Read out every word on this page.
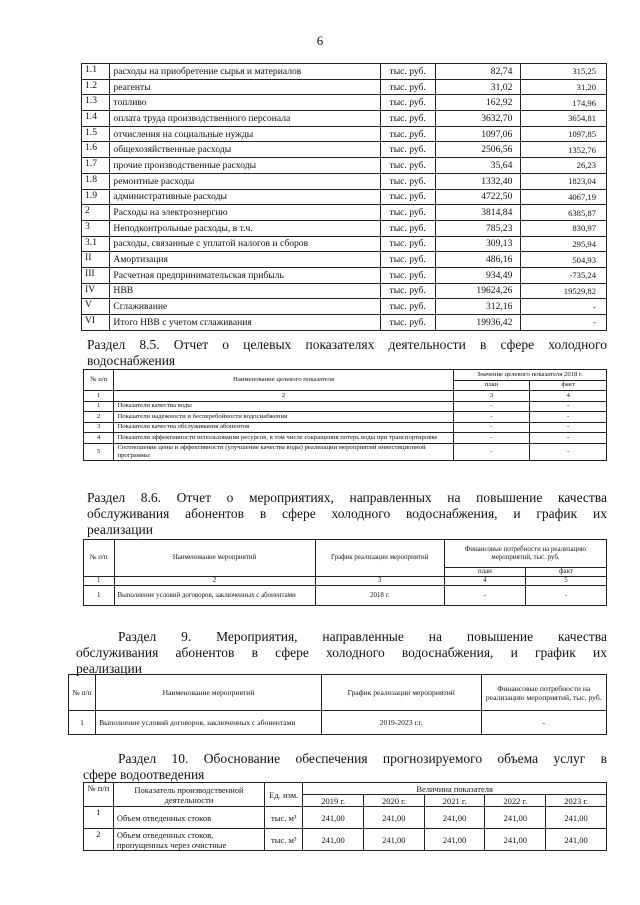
6
1.1	расходы на приобретение сырья и материалов	тыс. руб.	82,74	315,25
1.2	реагенты	тыс. руб.	31,02	31,20
1.3	топливо	тыс. руб.	162,92	174,96
1.4	оплата труда производственного персонала	тыс. руб.	3632,70	3654,81
1.5	отчисления на социальные нужды	тыс. руб.	1097,06	1097,85
1.6	общехозяйственные расходы	тыс. руб.	2506,56	1352,76
1.7	прочие производственные расходы	тыс. руб.	35,64	26,23
1.8	ремонтные расходы	тыс. руб.	1332,40	1823,04
1.9	административные расходы	тыс. руб.	4722,50	4067,19
2	Расходы на электроэнергию	тыс. руб.	3814,84	6385,87
3	Неподконтрольные расходы, в т.ч.	тыс. руб.	785,23	830,97
3.1	расходы, связанные с уплатой налогов и сборов	тыс. руб.	309,13	295,94
II	Амортизация	тыс. руб.	486,16	504,93
III	Расчетная предпринимательская прибыль	тыс. руб.	934,49	-735,24
IV	НВВ	тыс. руб.	19624,26	19529,82
V	Сглаживание	тыс. руб.	312,16	-
VI	Итого НВВ с учетом сглаживания	тыс. руб.	19936,42	-
Раздел 8.5. Отчет о целевых показателях деятельности в сфере холодного
водоснабжения
№ п/п	Наименование целевого показателя	Значение целевого показателя 2018 г.	
		план	факт
1	2	3	4
1	Показатели качества воды	-	-
2	Показатели надежности и бесперебойности водоснабжения	-	-
3	Показатели качества обслуживания абонентов	-	-
4	Показатели эффективности использования ресурсов, в том числе сокращения потерь воды при транспортировке	-	-
5	Соотношение цены и эффективности (улучшение качества воды) реализации мероприятий инвестиционной программы	-	-
Раздел 8.6. Отчет о мероприятиях, направленных на повышение качества
обслуживания абонентов в сфере холодного водоснабжения, и график их
реализации
№ п/п	Наименование мероприятий	График реализации мероприятий	Финансовые потребности на реализацию мероприятий, тыс. руб.	
			план	факт
1	2	3	4	5
1	Выполнение условий договоров, заключенных с абонентами	2018 г.	-	-
Раздел 9. Мероприятия, направленные на повышение качества
обслуживания абонентов в сфере холодного водоснабжения, и график их
реализации
№ п/п	Наименование мероприятий	График реализации мероприятий	Финансовые потребности на реализацию мероприятий, тыс. руб.
1	Выполнение условий договоров, заключенных с абонентами	2019-2023 г.г.	-
Раздел 10. Обоснование обеспечения прогнозируемого объема услуг в
сфере водоотведения
№ п/п	Показатель производственной деятельности	Ед. изм.	Величина показателя				
			2019 г.	2020 г.	2021 г.	2022 г.	2023 г.
1	Объем отведенных стоков	тыс. м³	241,00	241,00	241,00	241,00	241,00
2	Объем отведенных стоков, пропущенных через очистные	тыс. м³	241,00	241,00	241,00	241,00	241,00
